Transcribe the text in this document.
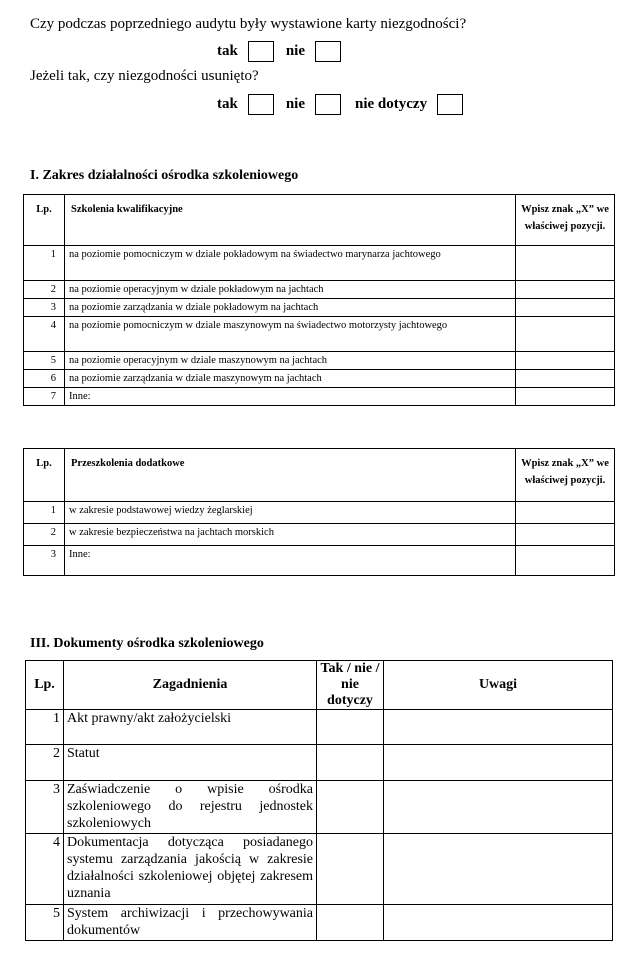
Czy podczas poprzedniego audytu były wystawione karty niezgodności?
tak	nie
Jeżeli tak, czy niezgodności usunięto?
tak	nie	nie dotyczy
I. Zakres działalności ośrodka szkoleniowego
Lp.	Szkolenia kwalifikacyjne	Wpisz znak „X” we właściwej pozycji.
1	na poziomie pomocniczym w dziale pokładowym na świadectwo marynarza jachtowego	
2	na poziomie operacyjnym w dziale pokładowym na jachtach	
3	na poziomie zarządzania w dziale pokładowym na jachtach	
4	na poziomie pomocniczym w dziale maszynowym na świadectwo motorzysty jachtowego	
5	na poziomie operacyjnym w dziale maszynowym na jachtach	
6	na poziomie zarządzania w dziale maszynowym na jachtach	
7	Inne:	
Lp.	Przeszkolenia dodatkowe	Wpisz znak „X” we właściwej pozycji.
1	w zakresie podstawowej wiedzy żeglarskiej	
2	w zakresie bezpieczeństwa na jachtach morskich	
3	Inne:	
III. Dokumenty ośrodka szkoleniowego
Lp.	Zagadnienia	Tak / nie / nie dotyczy	Uwagi
1	Akt prawny/akt założycielski		
2	Statut		
3	Zaświadczenie o wpisie ośrodka szkoleniowego do rejestru jednostek szkoleniowych		
4	Dokumentacja dotycząca posiadanego systemu zarządzania jakością w zakresie działalności szkoleniowej objętej zakresem uznania		
5	System archiwizacji i przechowywania dokumentów		
